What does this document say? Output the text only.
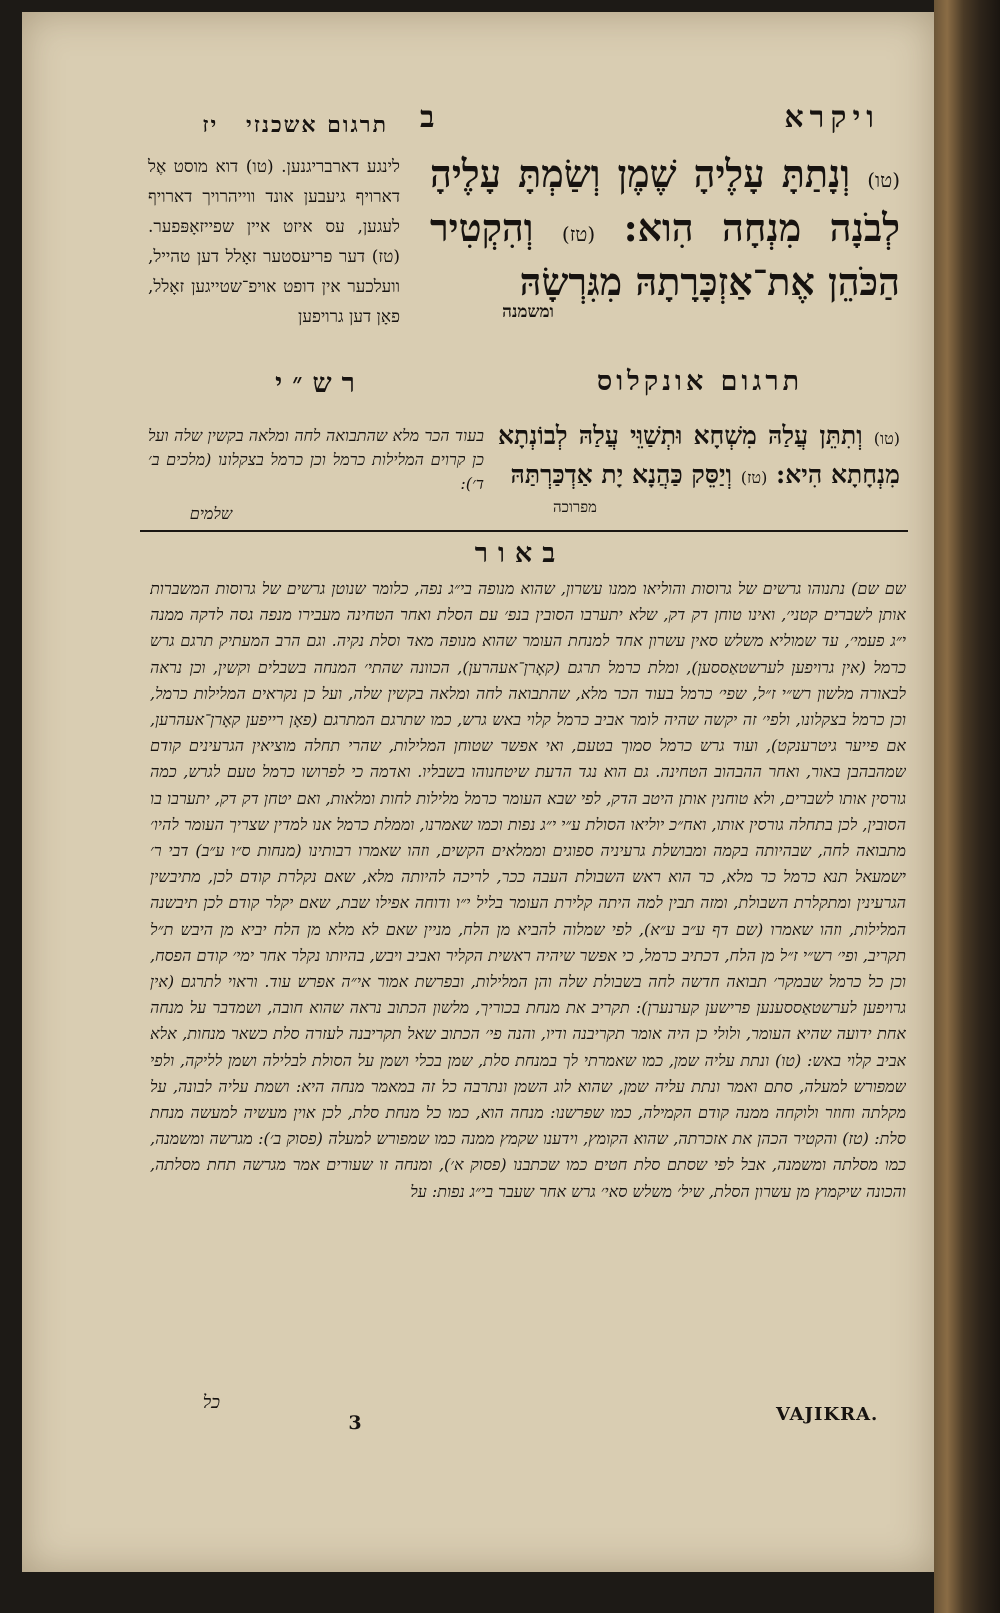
תרגום אשכנזי יז	ויקרא
ב
(טו) וְנָתַתָּ עָלֶיהָ שֶׁמֶן וְשַׂמְתָּ עָלֶיהָ לְבֹנָה מִנְחָה הִוא: (טז) וְהִקְטִיר הַכֹּהֵן אֶת־אַזְכָּרָתָהּ מִגִּרְשָׂהּ
ומשמנה
לינגע דארבריגנען. (טו) דוא מוסט אֶל דארויף גיעבען אונד ווייהרויך דארויף לעגען, עס איזט איין שפייזאָפּפער. (טז) דער פריעסטער זאָלל דען טהייל, וועלכער אין דופט אויפ־שטייגען זאָלל, פאָן דען גרויפען
תרגום אונקלוס
רש״י
(טו) וְתִתֵּן עֲלַהּ מִשְׁחָא וּתְשַׁוֵּי עֲלַהּ לְבוֹנְתָא מִנְחָתָא הִיא: (טז) וְיַסֵּק כַּהֲנָא יָת אַדְכַּרְתַּהּ
מפרוכה
בעוד הכר מלא שהתבואה לחה ומלאה בקשין שלה ועל כן קרוים המלילות כרמל וכן כרמל בצקלונו (מלכים ב׳ ד׳):
שלמים
באור

שם שם) נתנוהו גרשים של גרוסות והוליאו ממנו עשרון, שהוא מנופה בי״ג נפה, כלומר שנוטן גרשים של גרוסות המשברות אותן לשברים קטני׳, ואינו טוחן דק דק, שלא יתערבו הסובין בנפ׳ עם הסלת ואחר הטחינה מעבירו מנפה גסה לדקה ממנה י״ג פעמי׳, עד שמוליא משלש סאין עשרון אחד למנחת העומר שהוא מנופה מאד וסלת נקיה. וגם הרב המעתיק תרגם גרש כרמל (אין גרויפען לערשטאַססען), ומלת כרמל תרגם (קאָרן־אעהרען), הכוונה שהתי׳ המנחה בשבלים וקשין, וכן נראה לבאורה מלשון רש״י ז״ל, שפי׳ כרמל בעוד הכר מלא, שהתבואה לחה ומלאה בקשין שלה, ועל כן נקראים המלילות כרמל, וכן כרמל בצקלונו, ולפי׳ זה יקשה שהיה לומר אביב כרמל קלוי באש גרש, כמו שתרגם המתרגם (פאָן רייפען קאָרן־אעהרען, אם פייער גיטרענקט), ועוד גרש כרמל סמוך בטעם, ואי אפשר שטוחן המלילות, שהרי תחלה מוציאין הגרעינים קודם שמהבהבן באור, ואחר ההבהוב הטחינה. גם הוא נגד הדעת שיטחנוהו בשבליו. ואדמה כי לפרושו כרמל טעם לגרש, כמה גורסין אותו לשברים, ולא טוחנין אותן היטב הדק, לפי שבא העומר כרמל מלילות לחות ומלאות, ואם יטחן דק דק, יתערבו בו הסובין, לכן בתחלה גורסין אותו, ואח״כ יוליאו הסולת ע״י י״ג נפות וכמו שאמרנו, וממלת כרמל אנו למדין שצריך העומר להיו׳ מתבואה לחה, שבהיותה בקמה ומבושלת גרעיניה ספוגים וממלאים הקשים, וזהו שאמרו רבותינו (מנחות ס״ו ע״ב) דבי ר׳ ישמעאל תנא כרמל כר מלא, כר הוא ראש השבולת העבה ככר, לריכה להיותה מלא, שאם נקלרת קודם לכן, מתיבשין הגרעינין ומתקלרת השבולת, ומזה תבין למה היתה קלירת העומר בליל י״ו ודוחה אפילו שבת, שאם יקלר קודם לכן תיבשנה המלילות, וזהו שאמרו (שם דף ע״ב ע״א), לפי שמלוה להביא מן הלח, מניין שאם לא מלא מן הלח יביא מן היבש ת״ל תקריב, ופי׳ רש״י ז״ל מן הלח, דכתיב כרמל, כי אפשר שיהיה ראשית הקליר ואביב ויבש, בהיותו נקלר אחר ימי׳ קודם הפסח, וכן כל כרמל שבמקר׳ תבואה חדשה לחה בשבולת שלה והן המלילות, ובפרשת אמור אי״ה אפרש עוד. וראוי לתרגם (אין גרויפען לערשטאַססענען פרישען קערנערן): תקריב את מנחת בכוריך, מלשון הכתוב נראה שהוא חובה, ושמדבר על מנחה אחת ידועה שהיא העומר, ולולי כן היה אומר תקריבנה ודיו, והנה פי׳ הכתוב שאל תקריבנה לעזרה סלת כשאר מנחות, אלא אביב קלוי באש: (טו) ונתת עליה שמן, כמו שאמרתי לך במנחת סלת, שמן בכלי ושמן על הסולת לבלילה ושמן לליקה, ולפי שמפורש למעלה, סתם ואמר ונתת עליה שמן, שהוא לוג השמן ונתרבה כל זה במאמר מנחה היא: ושמת עליה לבונה, על מקלתה וחוזר ולוקחה ממנה קודם הקמילה, כמו שפרשנו: מנחה הוא, כמו כל מנחת סלת, לכן אוין מעשיה למעשה מנחת סלת: (טז) והקטיר הכהן את אזכרתה, שהוא הקומץ, וידענו שקמץ ממנה כמו שמפורש למעלה (פסוק ב׳): מגרשה ומשמנה, כמו מסלתה ומשמנה, אבל לפי שסתם סלת חטים כמו שכתבנו (פסוק א׳), ומנחה זו שעורים אמר מגרשה תחת מסלתה, והכונה שיקמוץ מן עשרון הסלת, שיל׳ משלש סאי׳ גרש אחר שעבר בי״ג נפות: על

כל
3	VAJIKRA.
